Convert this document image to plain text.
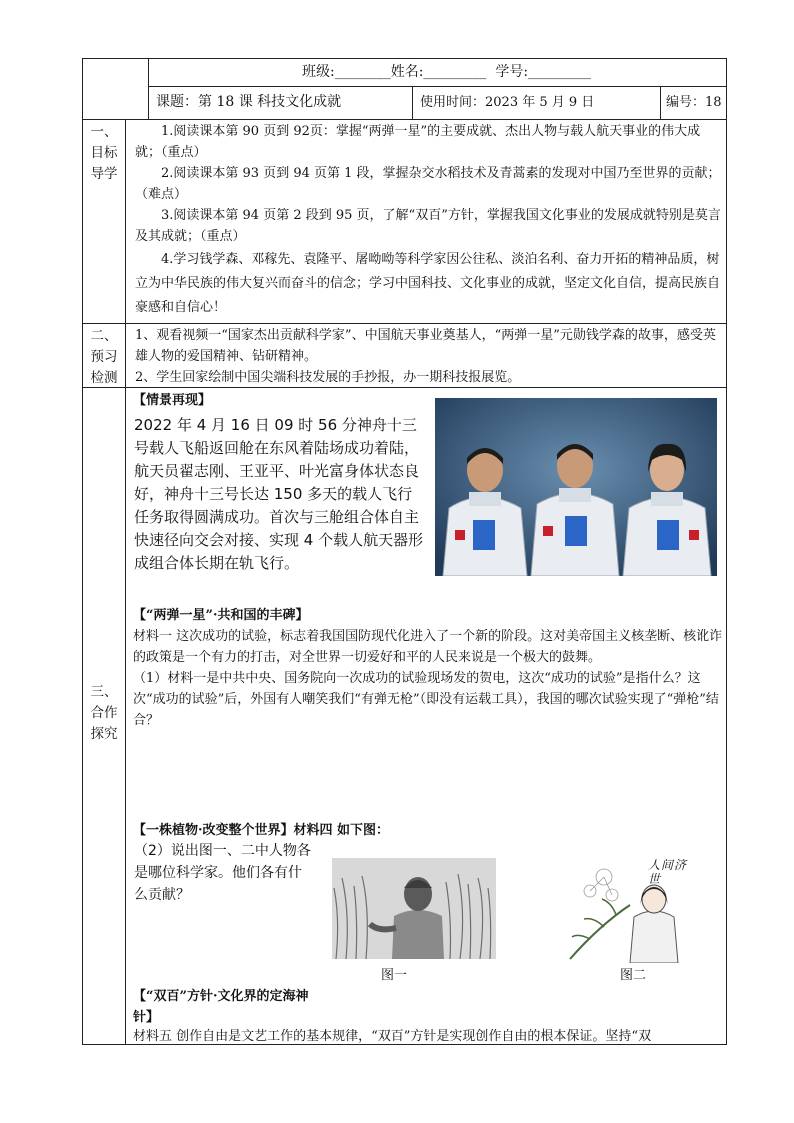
班级:________姓名:_________  学号:_________
课题：第 18 课 科技文化成就	使用时间：2023 年 5 月 9 日	编号：18
一、
目标
导学
1.阅读课本第 90 页到 92页：掌握“两弹一星”的主要成就、杰出人物与载人航天事业的伟大成就；（重点）
2.阅读课本第 93 页到 94 页第 1 段，掌握杂交水稻技术及青蒿素的发现对中国乃至世界的贡献；（难点）
3.阅读课本第 94 页第 2 段到 95 页，了解“双百”方针，掌握我国文化事业的发展成就特别是莫言及其成就；（重点）
4.学习钱学森、邓稼先、袁隆平、屠呦呦等科学家因公往私、淡泊名利、奋力开拓的精神品质，树立为中华民族的伟大复兴而奋斗的信念；学习中国科技、文化事业的成就，坚定文化自信，提高民族自豪感和自信心！
二、
预习
检测
1、观看视频一“国家杰出贡献科学家”、中国航天事业奠基人，“两弹一星”元勋钱学森的故事，感受英雄人物的爱国精神、钻研精神。
2、学生回家绘制中国尖端科技发展的手抄报，办一期科技报展览。
三、
合作
探究
【情景再现】
2022 年 4 月 16 日 09 时 56 分神舟十三号载人飞船返回舱在东风着陆场成功着陆，航天员翟志刚、王亚平、叶光富身体状态良好，神舟十三号长达 150 多天的载人飞行任务取得圆满成功。首次与三舱组合体自主快速径向交会对接、实现 4 个载人航天器形成组合体长期在轨飞行。
【“两弹一星”·共和国的丰碑】
材料一 这次成功的试验，标志着我国国防现代化进入了一个新的阶段。这对美帝国主义核垄断、核讹诈的政策是一个有力的打击，对全世界一切爱好和平的人民来说是一个极大的鼓舞。
（1）材料一是中共中央、国务院向一次成功的试验现场发的贺电，这次“成功的试验”是指什么？这次“成功的试验”后，外国有人嘲笑我们“有弹无枪”（即没有运载工具），我国的哪次试验实现了“弹枪”结合？
【一株植物·改变整个世界】材料四 如下图：
（2）说出图一、二中人物各是哪位科学家。他们各有什么贡献？
图一
人间济世
图二
【“双百”方针·文化界的定海神针】
材料五 创作自由是文艺工作的基本规律，“双百”方针是实现创作自由的根本保证。坚持“双
